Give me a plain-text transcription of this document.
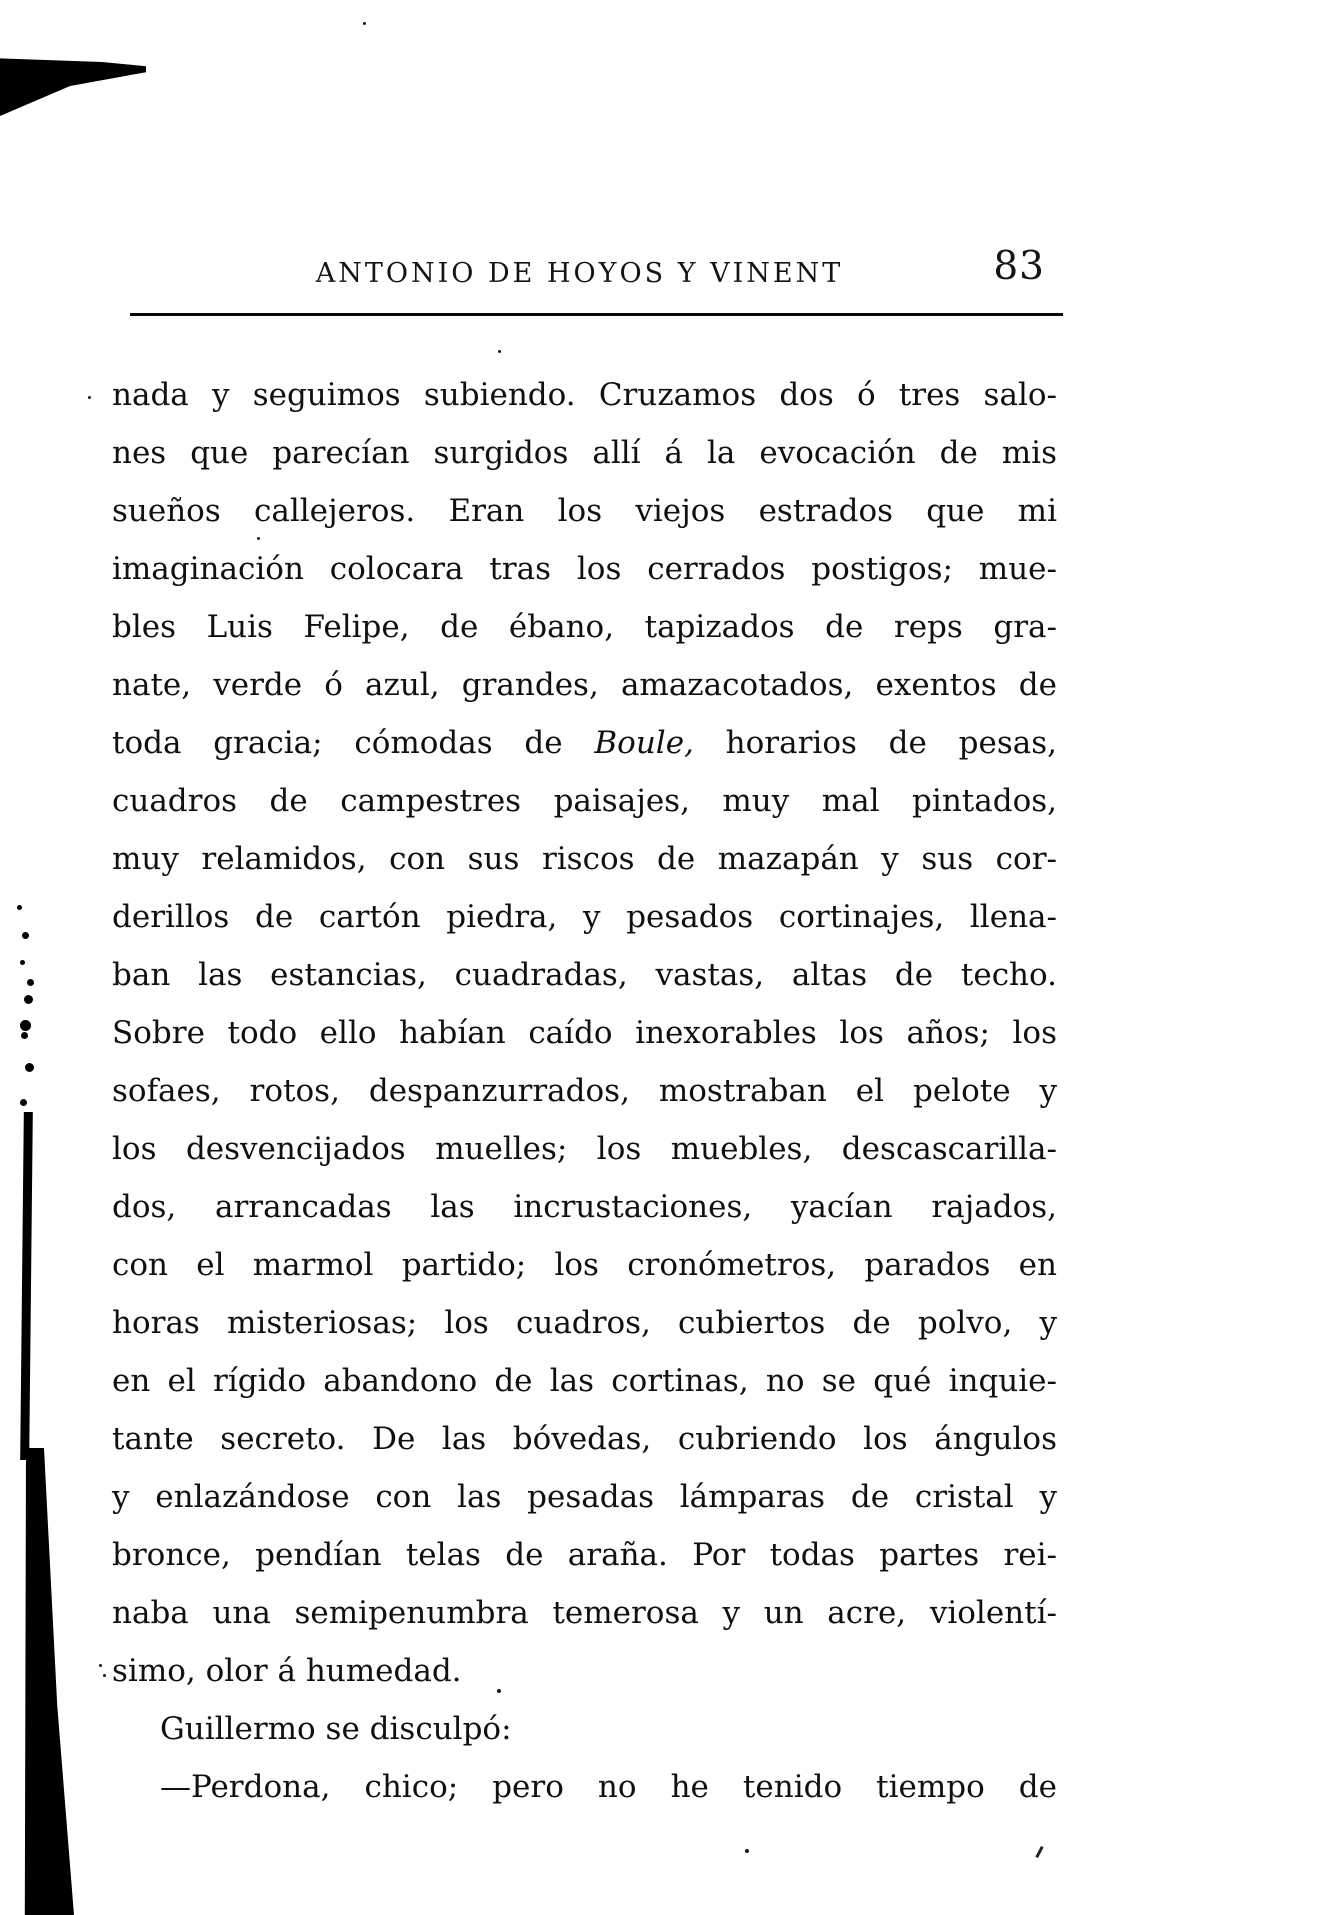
ANTONIO DE HOYOS Y VINENT	83

nada y seguimos subiendo. Cruzamos dos ó tres salo-

nes que parecían surgidos allí á la evocación de mis

sueños callejeros. Eran los viejos estrados que mi

imaginación colocara tras los cerrados postigos; mue-

bles Luis Felipe, de ébano, tapizados de reps gra-

nate, verde ó azul, grandes, amazacotados, exentos de

toda gracia; cómodas de Boule, horarios de pesas,

cuadros de campestres paisajes, muy mal pintados,

muy relamidos, con sus riscos de mazapán y sus cor-

derillos de cartón piedra, y pesados cortinajes, llena-

ban las estancias, cuadradas, vastas, altas de techo.

Sobre todo ello habían caído inexorables los años; los

sofaes, rotos, despanzurrados, mostraban el pelote y

los desvencijados muelles; los muebles, descascarilla-

dos, arrancadas las incrustaciones, yacían rajados,

con el marmol partido; los cronómetros, parados en

horas misteriosas; los cuadros, cubiertos de polvo, y

en el rígido abandono de las cortinas, no se qué inquie-

tante secreto. De las bóvedas, cubriendo los ángulos

y enlazándose con las pesadas lámparas de cristal y

bronce, pendían telas de araña. Por todas partes rei-

naba una semipenumbra temerosa y un acre, violentí-

simo, olor á humedad.

Guillermo se disculpó:

—Perdona, chico; pero no he tenido tiempo de
